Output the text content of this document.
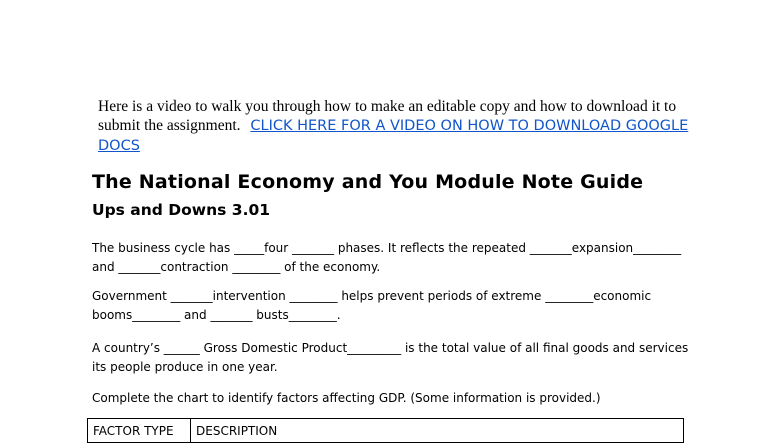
Here is a video to walk you through how to make an editable copy and how to download it to submit the assignment. CLICK HERE FOR A VIDEO ON HOW TO DOWNLOAD GOOGLE DOCS
The National Economy and You Module Note Guide
Ups and Downs 3.01

The business cycle has _____four _______ phases. It reflects the repeated _______expansion________ and _______contraction ________ of the economy.

Government _______intervention ________ helps prevent periods of extreme ________economic booms________ and _______ busts________.

A country’s ______ Gross Domestic Product_________ is the total value of all final goods and services its people produce in one year.

Complete the chart to identify factors affecting GDP. (Some information is provided.)

FACTOR TYPE	DESCRIPTION
